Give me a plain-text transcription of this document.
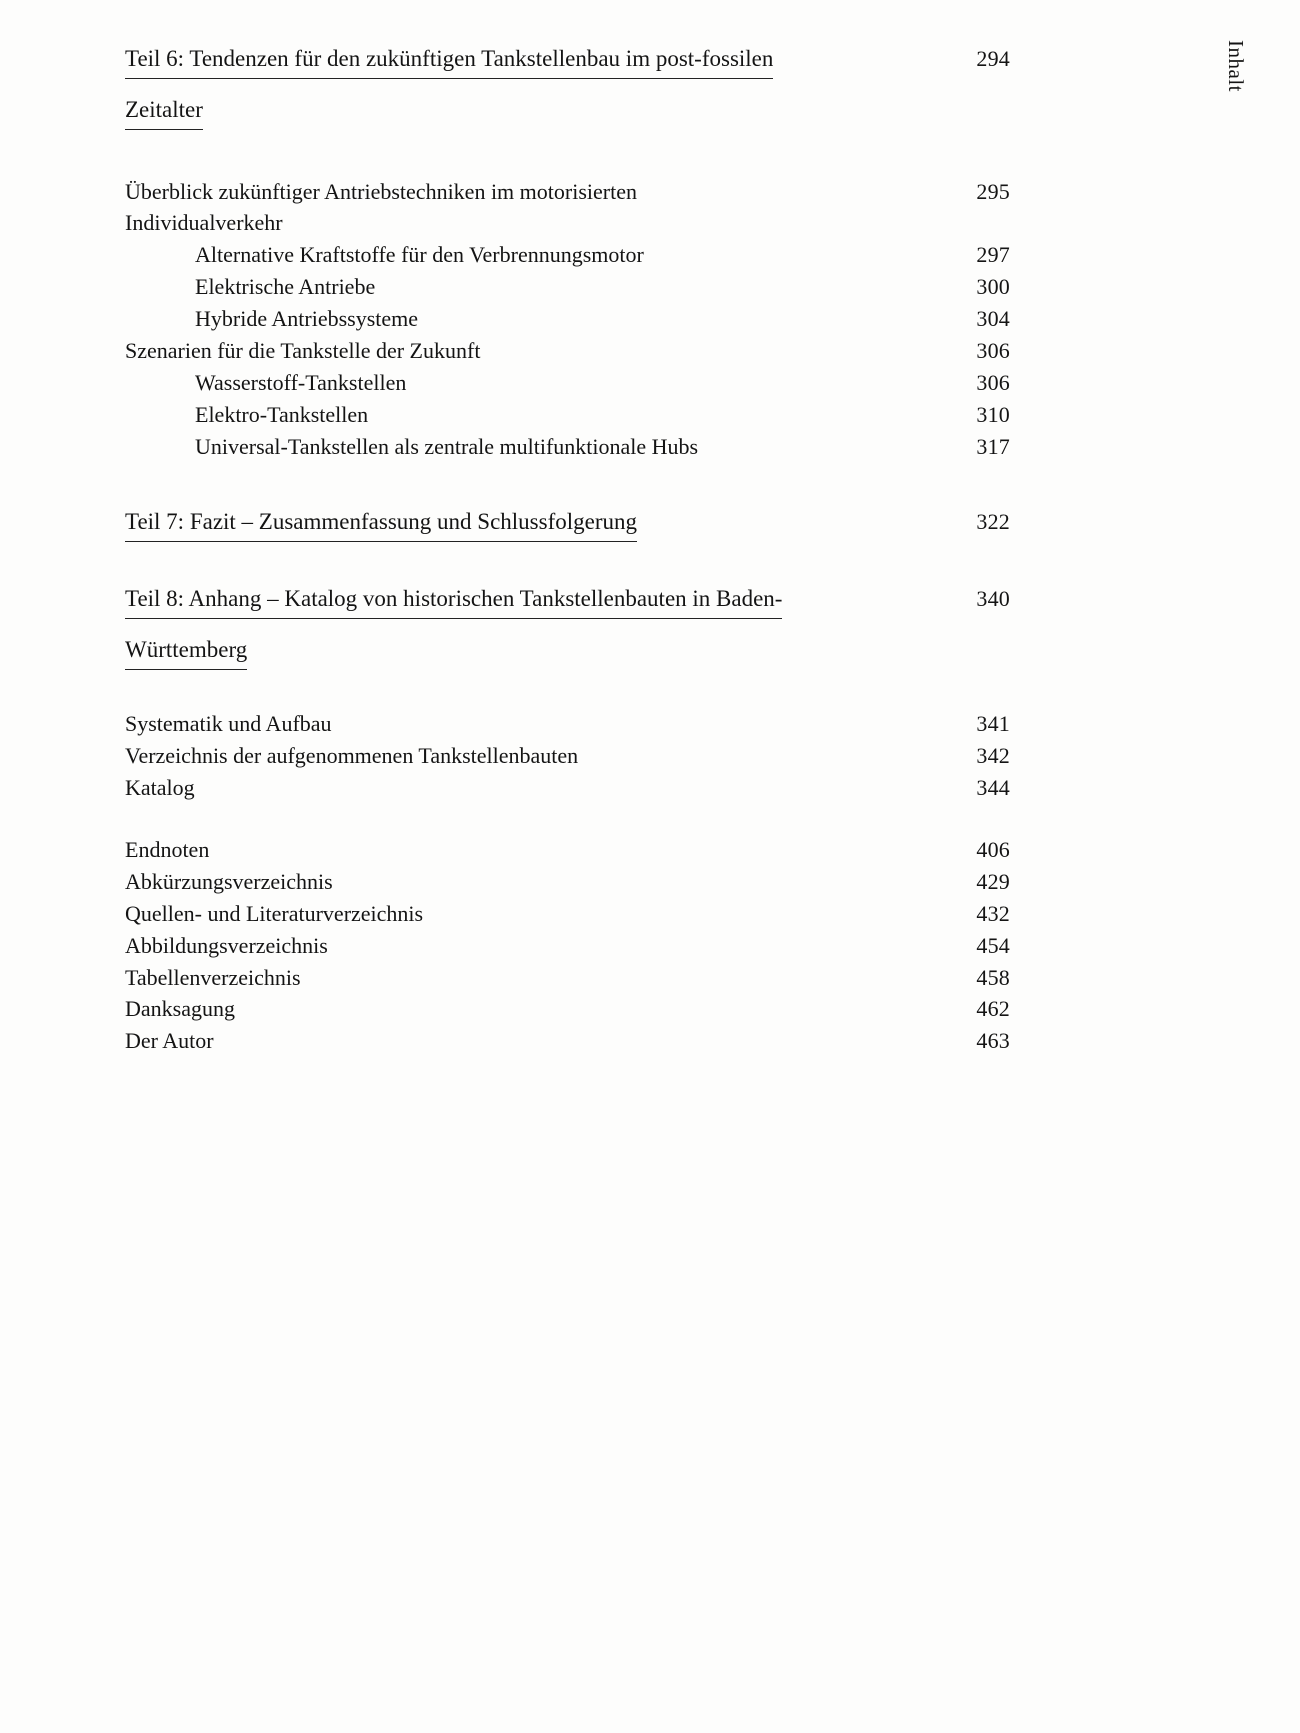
Inhalt
Teil 6: Tendenzen für den zukünftigen Tankstellenbau im post-fossilen
Zeitalter
294
Überblick zukünftiger Antriebstechniken im motorisierten
Individualverkehr
295
Alternative Kraftstoffe für den Verbrennungsmotor	297
Elektrische Antriebe	300
Hybride Antriebssysteme	304
Szenarien für die Tankstelle der Zukunft	306
Wasserstoff-Tankstellen	306
Elektro-Tankstellen	310
Universal-Tankstellen als zentrale multifunktionale Hubs	317
Teil 7: Fazit – Zusammenfassung und Schlussfolgerung	322
Teil 8: Anhang – Katalog von historischen Tankstellenbauten in Baden-
Württemberg
340
Systematik und Aufbau	341
Verzeichnis der aufgenommenen Tankstellenbauten	342
Katalog	344
Endnoten	406
Abkürzungsverzeichnis	429
Quellen- und Literaturverzeichnis	432
Abbildungsverzeichnis	454
Tabellenverzeichnis	458
Danksagung	462
Der Autor	463
